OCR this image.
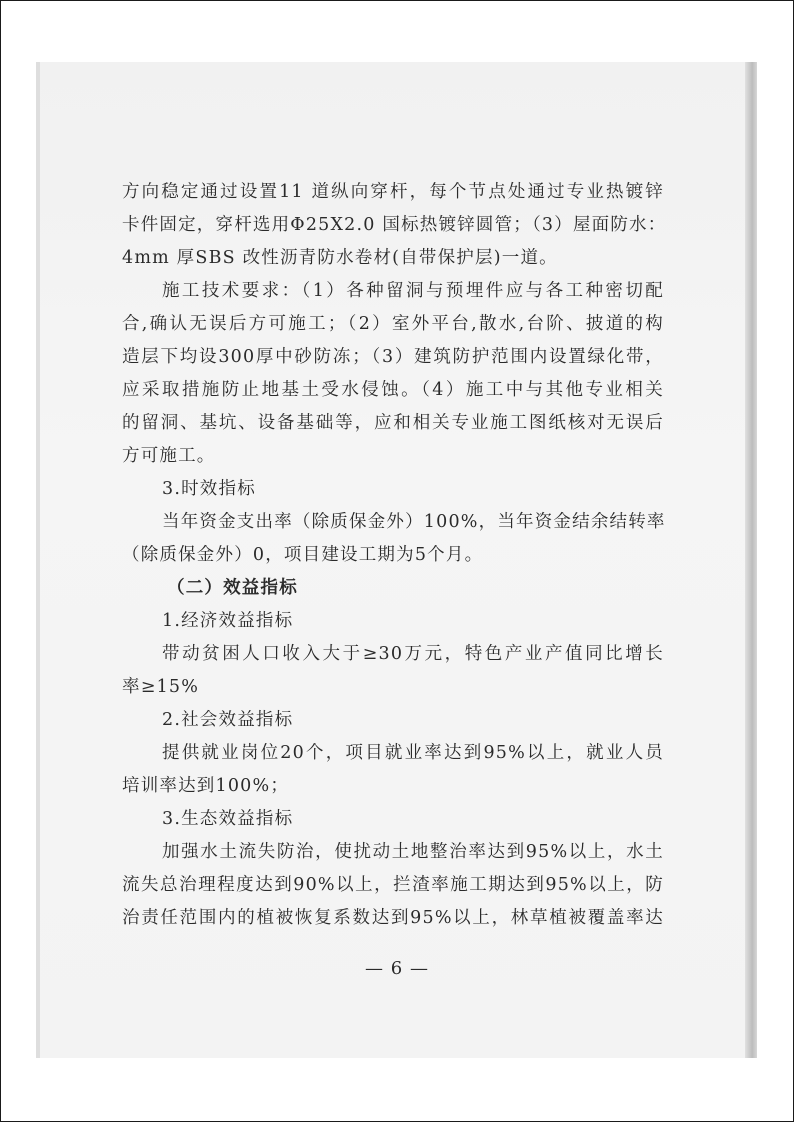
方向稳定通过设置11 道纵向穿杆，每个节点处通过专业热镀锌
卡件固定，穿杆选用Φ25X2.0 国标热镀锌圆管；（3）屋面防水：
4mm 厚SBS 改性沥青防水卷材(自带保护层)一道。
施工技术要求：（1）各种留洞与预埋件应与各工种密切配
合,确认无误后方可施工；（2）室外平台,散水,台阶、披道的构
造层下均设300厚中砂防冻；（3）建筑防护范围内设置绿化带，
应采取措施防止地基土受水侵蚀。（4）施工中与其他专业相关
的留洞、基坑、设备基础等，应和相关专业施工图纸核对无误后
方可施工。
3.时效指标
当年资金支出率（除质保金外）100%，当年资金结余结转率
（除质保金外）0，项目建设工期为5个月。
（二）效益指标
1.经济效益指标
带动贫困人口收入大于≥30万元，特色产业产值同比增长
率≥15%
2.社会效益指标
提供就业岗位20个，项目就业率达到95%以上，就业人员
培训率达到100%；
3.生态效益指标
加强水土流失防治，使扰动土地整治率达到95%以上，水土
流失总治理程度达到90%以上，拦渣率施工期达到95%以上，防
治责任范围内的植被恢复系数达到95%以上，林草植被覆盖率达
— 6 —
